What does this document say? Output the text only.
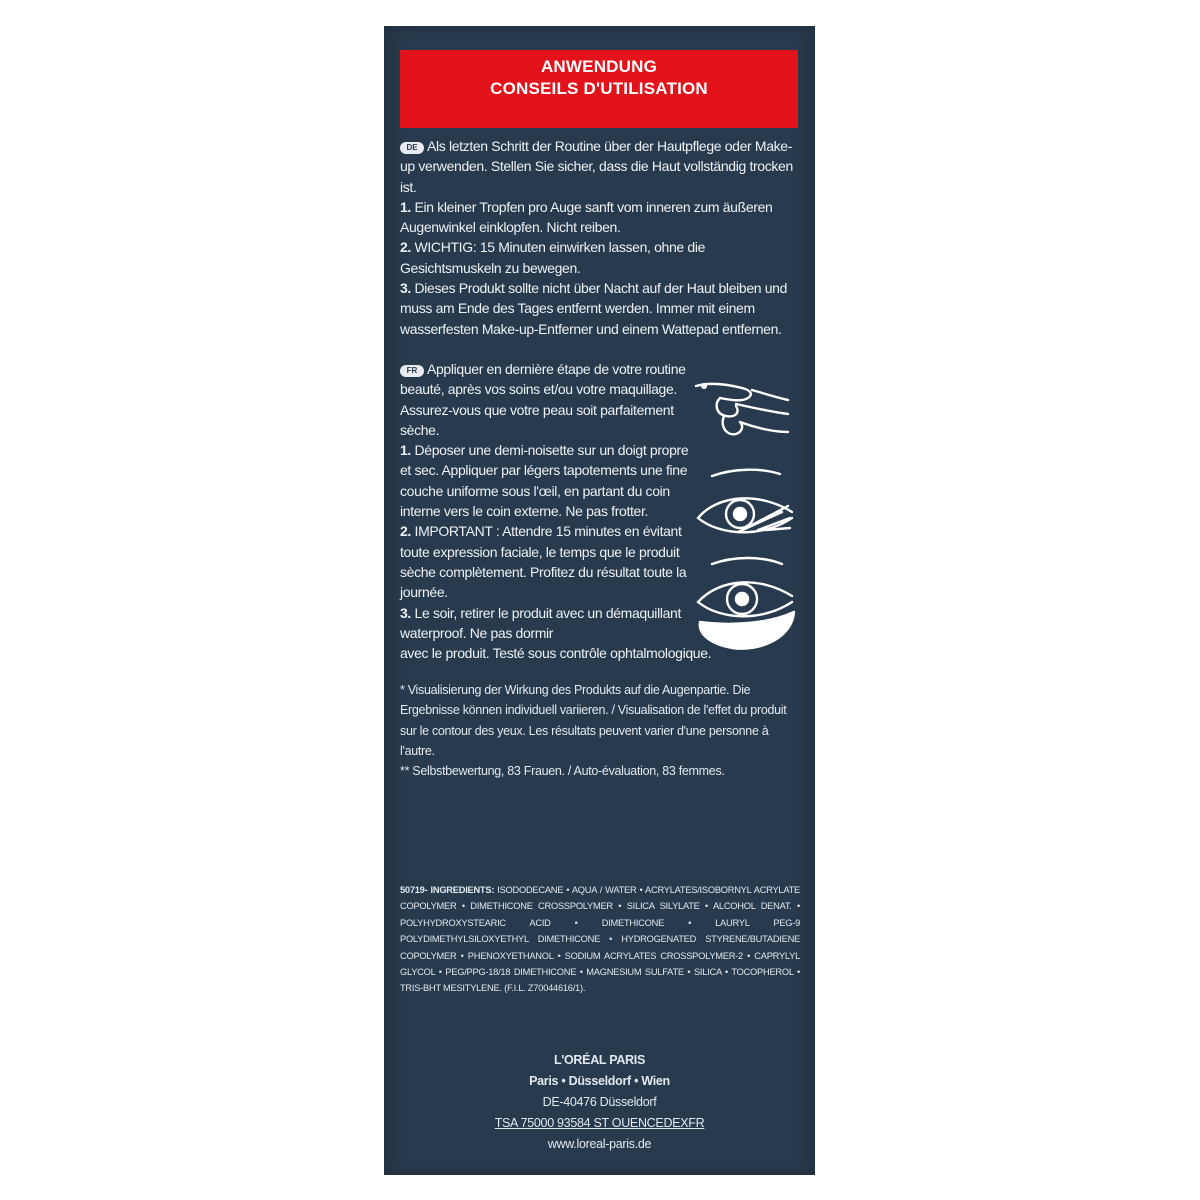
ANWENDUNG
CONSEILS D'UTILISATION
DE Als letzten Schritt der Routine über der Hautpflege oder Make-up verwenden. Stellen Sie sicher, dass die Haut vollständig trocken ist.
1. Ein kleiner Tropfen pro Auge sanft vom inneren zum äußeren Augenwinkel einklopfen. Nicht reiben.
2. WICHTIG: 15 Minuten einwirken lassen, ohne die Gesichtsmuskeln zu bewegen.
3. Dieses Produkt sollte nicht über Nacht auf der Haut bleiben und muss am Ende des Tages entfernt werden. Immer mit einem wasserfesten Make-up-Entferner und einem Wattepad entfernen.
FR Appliquer en dernière étape de votre routine beauté, après vos soins et/ou votre maquillage. Assurez-vous que votre peau soit parfaitement sèche.
1. Déposer une demi-noisette sur un doigt propre et sec. Appliquer par légers tapotements une fine couche uniforme sous l'œil, en partant du coin interne vers le coin externe. Ne pas frotter.
2. IMPORTANT : Attendre 15 minutes en évitant toute expression faciale, le temps que le produit sèche complètement. Profitez du résultat toute la journée.
3. Le soir, retirer le produit avec un démaquillant waterproof. Ne pas dormir
avec le produit. Testé sous contrôle ophtalmologique.
* Visualisierung der Wirkung des Produkts auf die Augenpartie. Die Ergebnisse können individuell variieren. / Visualisation de l'effet du produit sur le contour des yeux. Les résultats peuvent varier d'une personne à l'autre.
** Selbstbewertung, 83 Frauen. / Auto-évaluation, 83 femmes.
50719- INGREDIENTS: ISODODECANE • AQUA / WATER • ACRYLATES/ISOBORNYL ACRYLATE COPOLYMER • DIMETHICONE CROSSPOLYMER • SILICA SILYLATE • ALCOHOL DENAT. • POLYHYDROXYSTEARIC ACID • DIMETHICONE • LAURYL PEG-9 POLYDIMETHYLSILOXYETHYL DIMETHICONE • HYDROGENATED STYRENE/BUTADIENE COPOLYMER • PHENOXYETHANOL • SODIUM ACRYLATES CROSSPOLYMER-2 • CAPRYLYL GLYCOL • PEG/PPG-18/18 DIMETHICONE • MAGNESIUM SULFATE • SILICA • TOCOPHEROL • TRIS-BHT MESITYLENE. (F.I.L. Z70044616/1).
L'ORÉAL PARIS
Paris • Düsseldorf • Wien
DE-40476 Düsseldorf
TSA 75000 93584 ST OUENCEDEXFR
www.loreal-paris.de
